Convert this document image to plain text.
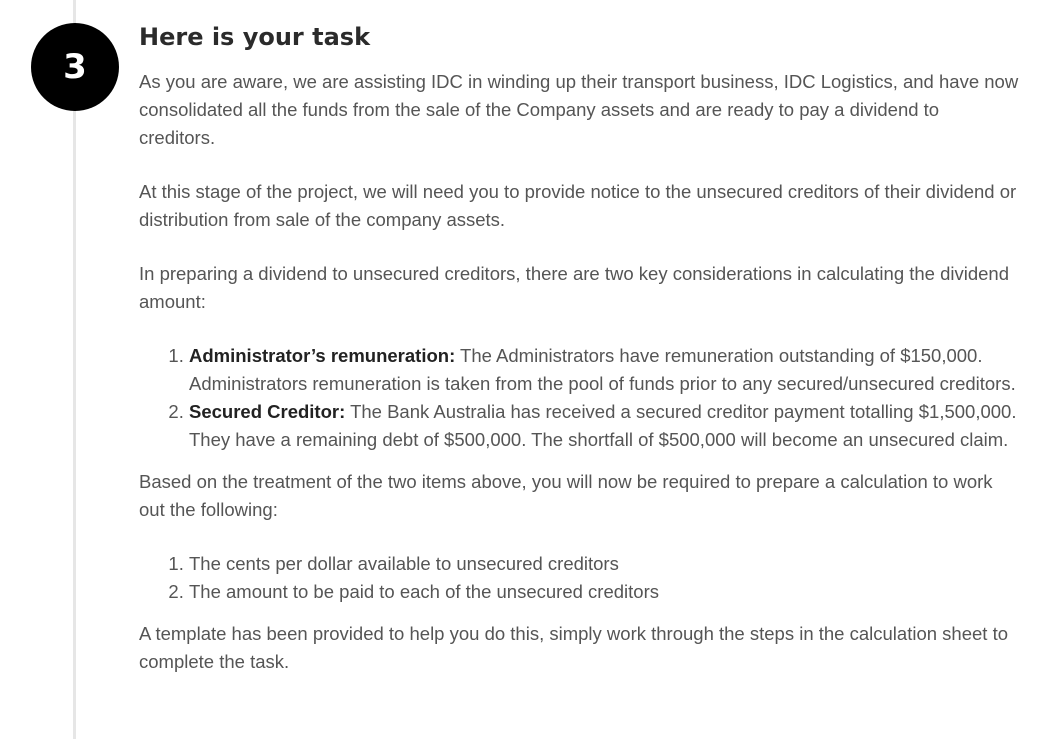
3
Here is your task

As you are aware, we are assisting IDC in winding up their transport business, IDC Logistics, and have now consolidated all the funds from the sale of the Company assets and are ready to pay a dividend to creditors.

At this stage of the project, we will need you to provide notice to the unsecured creditors of their dividend or distribution from sale of the company assets.

In preparing a dividend to unsecured creditors, there are two key considerations in calculating the dividend amount:

1. Administrator’s remuneration: The Administrators have remuneration outstanding of $150,000. Administrators remuneration is taken from the pool of funds prior to any secured/unsecured creditors.
2. Secured Creditor: The Bank Australia has received a secured creditor payment totalling $1,500,000. They have a remaining debt of $500,000. The shortfall of $500,000 will become an unsecured claim.

Based on the treatment of the two items above, you will now be required to prepare a calculation to work out the following:

1. The cents per dollar available to unsecured creditors
2. The amount to be paid to each of the unsecured creditors

A template has been provided to help you do this, simply work through the steps in the calculation sheet to complete the task.
